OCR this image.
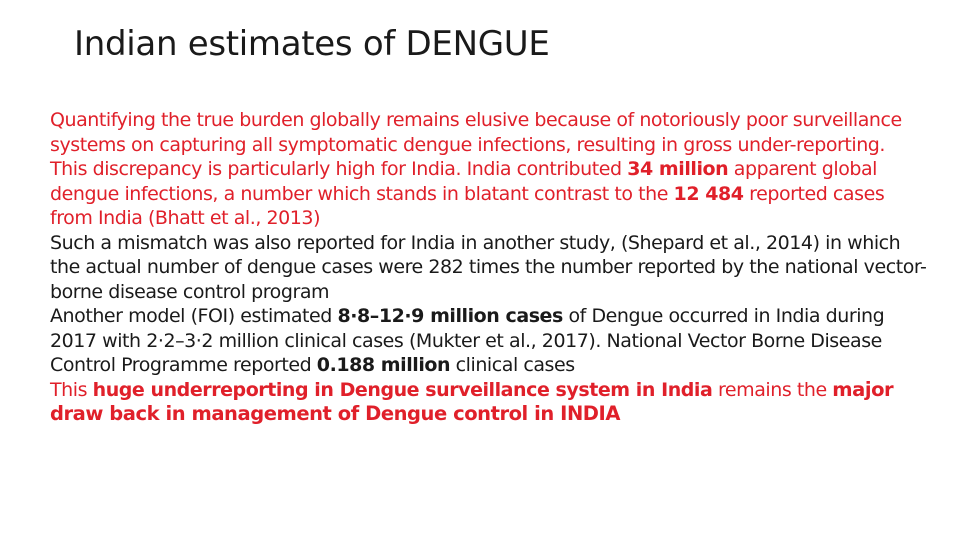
Indian estimates of DENGUE

Quantifying the true burden globally remains elusive because of notoriously poor surveillance systems on capturing all symptomatic dengue infections, resulting in gross under-reporting.

This discrepancy is particularly high for India. India contributed 34 million apparent global dengue infections, a number which stands in blatant contrast to the 12 484 reported cases from India (Bhatt et al., 2013)

Such a mismatch was also reported for India in another study, (Shepard et al., 2014) in which the actual number of dengue cases were 282 times the number reported by the national vector-borne disease control program

Another model (FOI) estimated 8·8–12·9 million cases of Dengue occurred in India during 2017 with 2·2–3·2 million clinical cases (Mukter et al., 2017). National Vector Borne Disease Control Programme reported 0.188 million clinical cases

This huge underreporting in Dengue surveillance system in India remains the major draw back in management of Dengue control in INDIA
